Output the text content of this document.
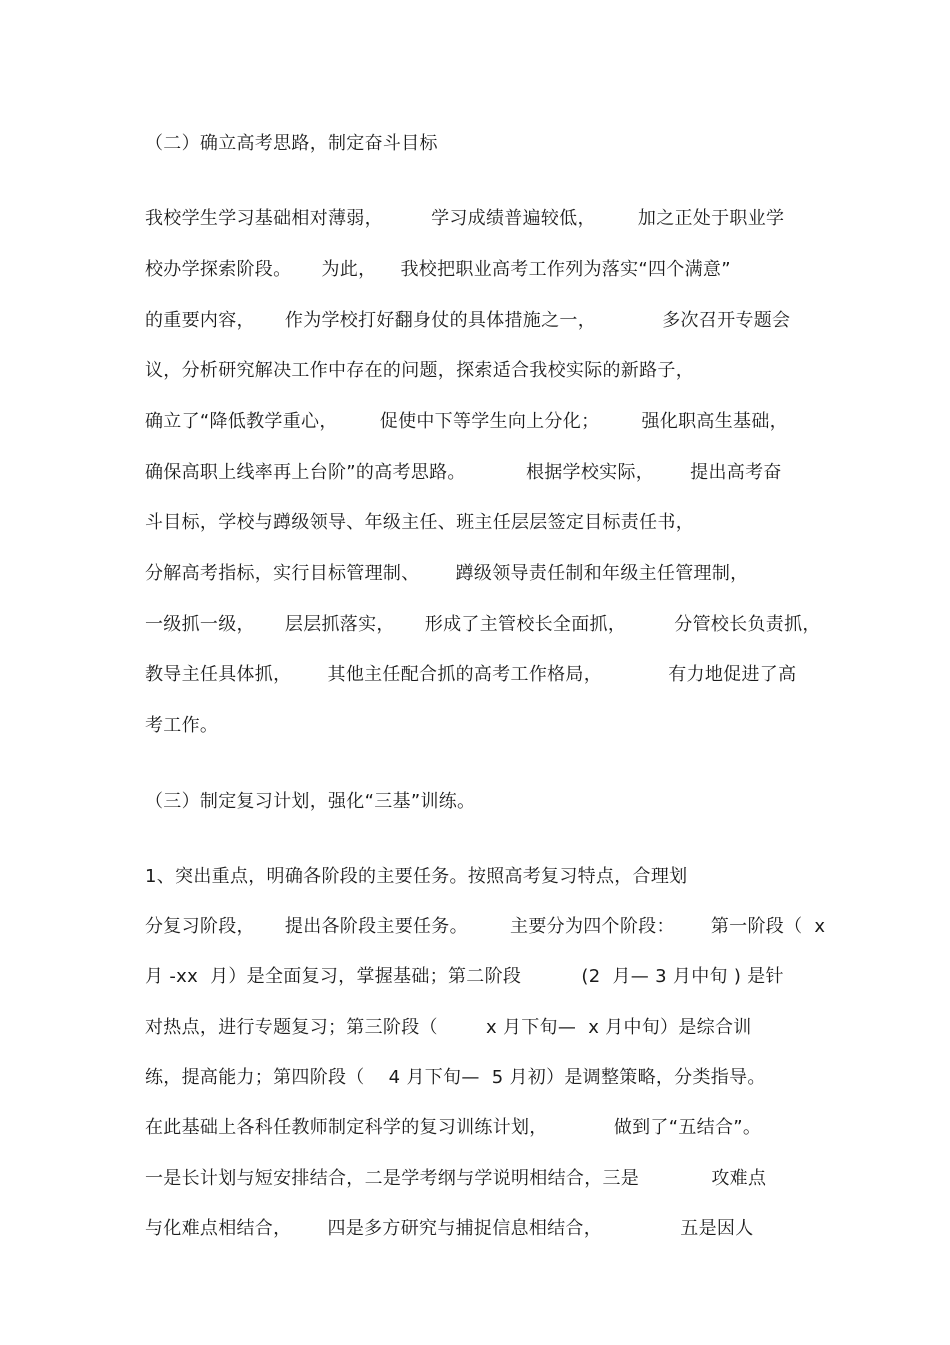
（二）确立高考思路，制定奋斗目标
我校学生学习基础相对薄弱，        学习成绩普遍较低，       加之正处于职业学
校办学探索阶段。     为此，    我校把职业高考工作列为落实“四个满意”
的重要内容，     作为学校打好翻身仗的具体措施之一，           多次召开专题会
议，分析研究解决工作中存在的问题，探索适合我校实际的新路子，
确立了“降低教学重心，       促使中下等学生向上分化；       强化职高生基础，
确保高职上线率再上台阶”的高考思路。          根据学校实际，      提出高考奋
斗目标，学校与蹲级领导、年级主任、班主任层层签定目标责任书，
分解高考指标，实行目标管理制、      蹲级领导责任制和年级主任管理制，
一级抓一级，     层层抓落实，     形成了主管校长全面抓，        分管校长负责抓，
教导主任具体抓，      其他主任配合抓的高考工作格局，           有力地促进了高
考工作。
（三）制定复习计划，强化“三基”训练。
1、突出重点，明确各阶段的主要任务。按照高考复习特点，合理划
分复习阶段，     提出各阶段主要任务。       主要分为四个阶段：      第一阶段（  x
月 -xx  月）是全面复习，掌握基础；第二阶段          (2  月— 3 月中旬 ) 是针
对热点，进行专题复习；第三阶段（        x 月下旬—  x 月中旬）是综合训
练，提高能力；第四阶段（    4 月下旬—  5 月初）是调整策略，分类指导。
在此基础上各科任教师制定科学的复习训练计划，           做到了“五结合”。
一是长计划与短安排结合，二是学考纲与学说明相结合，三是            攻难点
与化难点相结合，      四是多方研究与捕捉信息相结合，             五是因人
